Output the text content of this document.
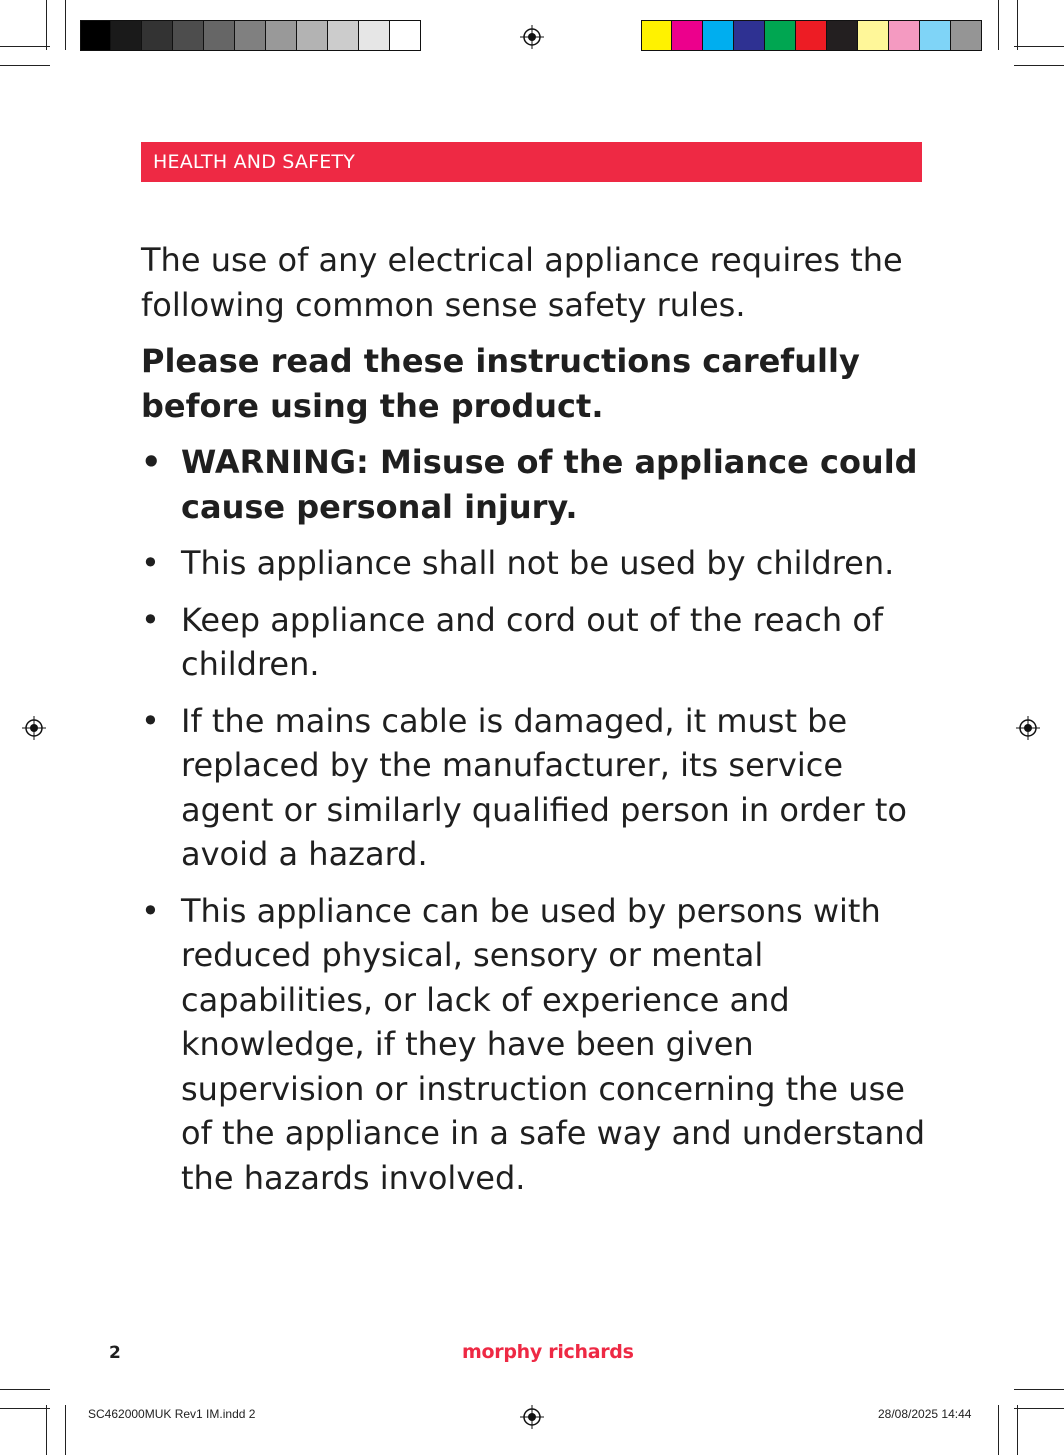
HEALTH AND SAFETY

The use of any electrical appliance requires the following common sense safety rules.

Please read these instructions carefully before using the product.

• WARNING: Misuse of the appliance could cause personal injury.
• This appliance shall not be used by children.
• Keep appliance and cord out of the reach of children.
• If the mains cable is damaged, it must be replaced by the manufacturer, its service agent or similarly qualified person in order to avoid a hazard.
• This appliance can be used by persons with reduced physical, sensory or mental capabilities, or lack of experience and knowledge, if they have been given supervision or instruction concerning the use of the appliance in a safe way and understand the hazards involved.
2	morphy richards
SC462000MUK Rev1 IM.indd 2	28/08/2025 14:44
